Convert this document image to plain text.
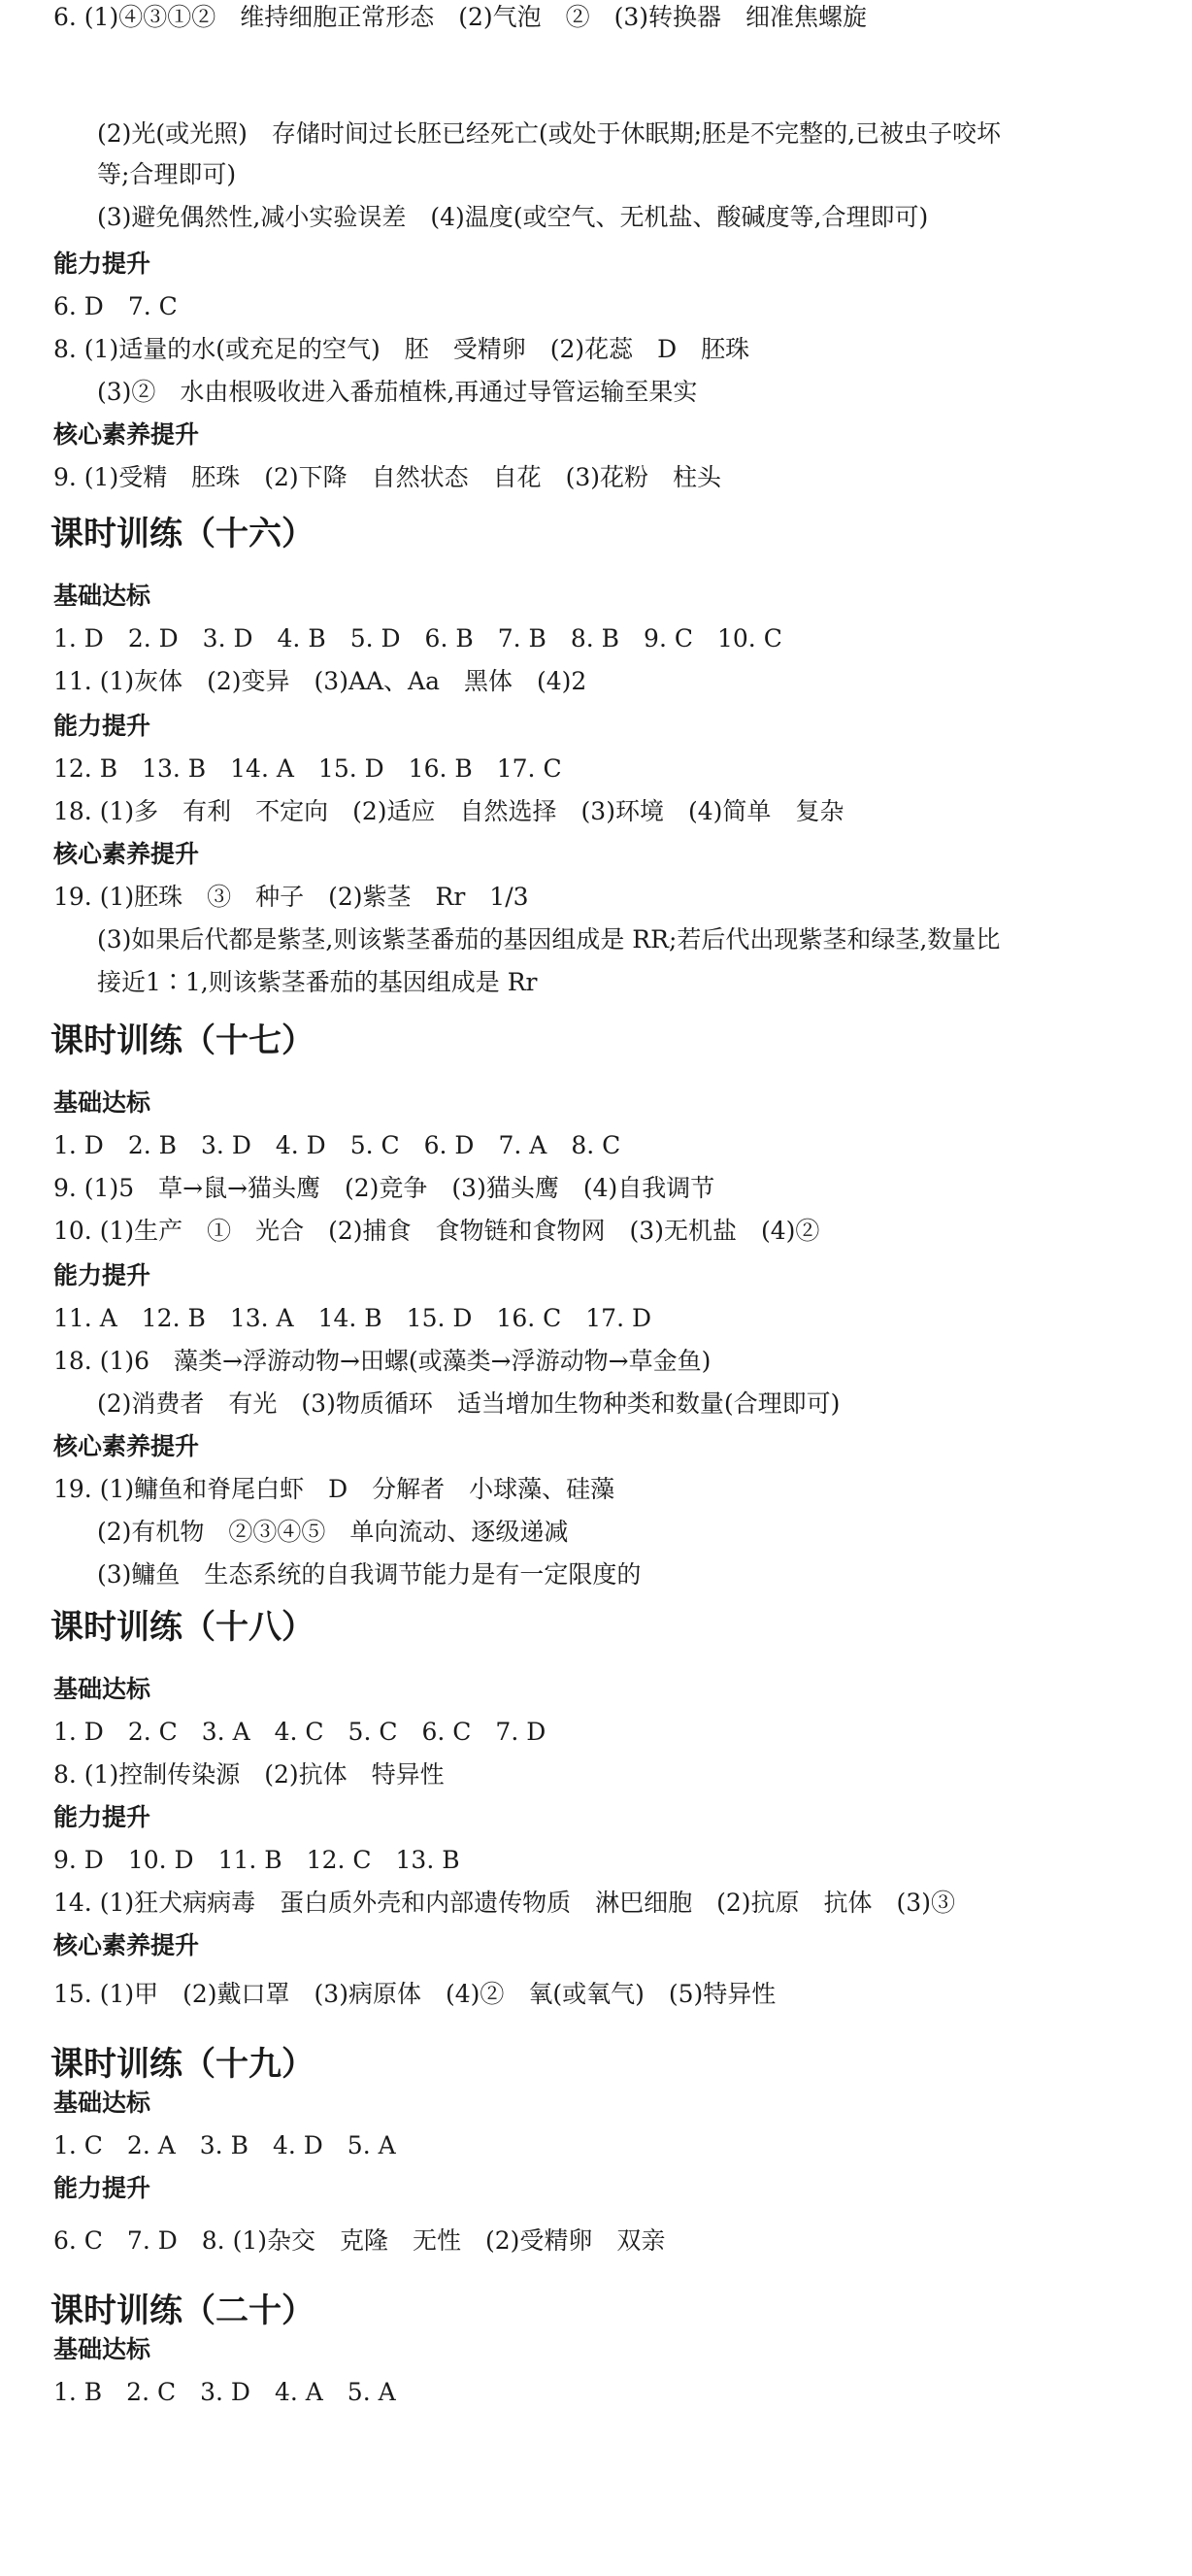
(2)光(或光照)　存储时间过长胚已经死亡(或处于休眠期;胚是不完整的,已被虫子咬坏
等;合理即可)
(3)避免偶然性,减小实验误差　(4)温度(或空气、无机盐、酸碱度等,合理即可)
能力提升
6. D　7. C
8. (1)适量的水(或充足的空气)　胚　受精卵　(2)花蕊　D　胚珠
(3)②　水由根吸收进入番茄植株,再通过导管运输至果实
核心素养提升
9. (1)受精　胚珠　(2)下降　自然状态　自花　(3)花粉　柱头
课时训练（十六）
基础达标
1. D　2. D　3. D　4. B　5. D　6. B　7. B　8. B　9. C　10. C
11. (1)灰体　(2)变异　(3)AA、Aa　黑体　(4)2
能力提升
12. B　13. B　14. A　15. D　16. B　17. C
18. (1)多　有利　不定向　(2)适应　自然选择　(3)环境　(4)简单　复杂
核心素养提升
19. (1)胚珠　③　种子　(2)紫茎　Rr　1/3
(3)如果后代都是紫茎,则该紫茎番茄的基因组成是 RR;若后代出现紫茎和绿茎,数量比
接近1∶1,则该紫茎番茄的基因组成是 Rr
课时训练（十七）
基础达标
1. D　2. B　3. D　4. D　5. C　6. D　7. A　8. C
9. (1)5　草→鼠→猫头鹰　(2)竞争　(3)猫头鹰　(4)自我调节
10. (1)生产　①　光合　(2)捕食　食物链和食物网　(3)无机盐　(4)②
能力提升
11. A　12. B　13. A　14. B　15. D　16. C　17. D
18. (1)6　藻类→浮游动物→田螺(或藻类→浮游动物→草金鱼)
(2)消费者　有光　(3)物质循环　适当增加生物种类和数量(合理即可)
核心素养提升
19. (1)鳙鱼和脊尾白虾　D　分解者　小球藻、硅藻
(2)有机物　②③④⑤　单向流动、逐级递减
(3)鳙鱼　生态系统的自我调节能力是有一定限度的
课时训练（十八）
基础达标
1. D　2. C　3. A　4. C　5. C　6. C　7. D
8. (1)控制传染源　(2)抗体　特异性
能力提升
9. D　10. D　11. B　12. C　13. B
14. (1)狂犬病病毒　蛋白质外壳和内部遗传物质　淋巴细胞　(2)抗原　抗体　(3)③
核心素养提升
15. (1)甲　(2)戴口罩　(3)病原体　(4)②　氧(或氧气)　(5)特异性
课时训练（十九）
基础达标
1. C　2. A　3. B　4. D　5. A
能力提升
6. C　7. D　8. (1)杂交　克隆　无性　(2)受精卵　双亲
课时训练（二十）
基础达标
1. B　2. C　3. D　4. A　5. A
6. (1)④③①②　维持细胞正常形态　(2)气泡　②　(3)转换器　细准焦螺旋
